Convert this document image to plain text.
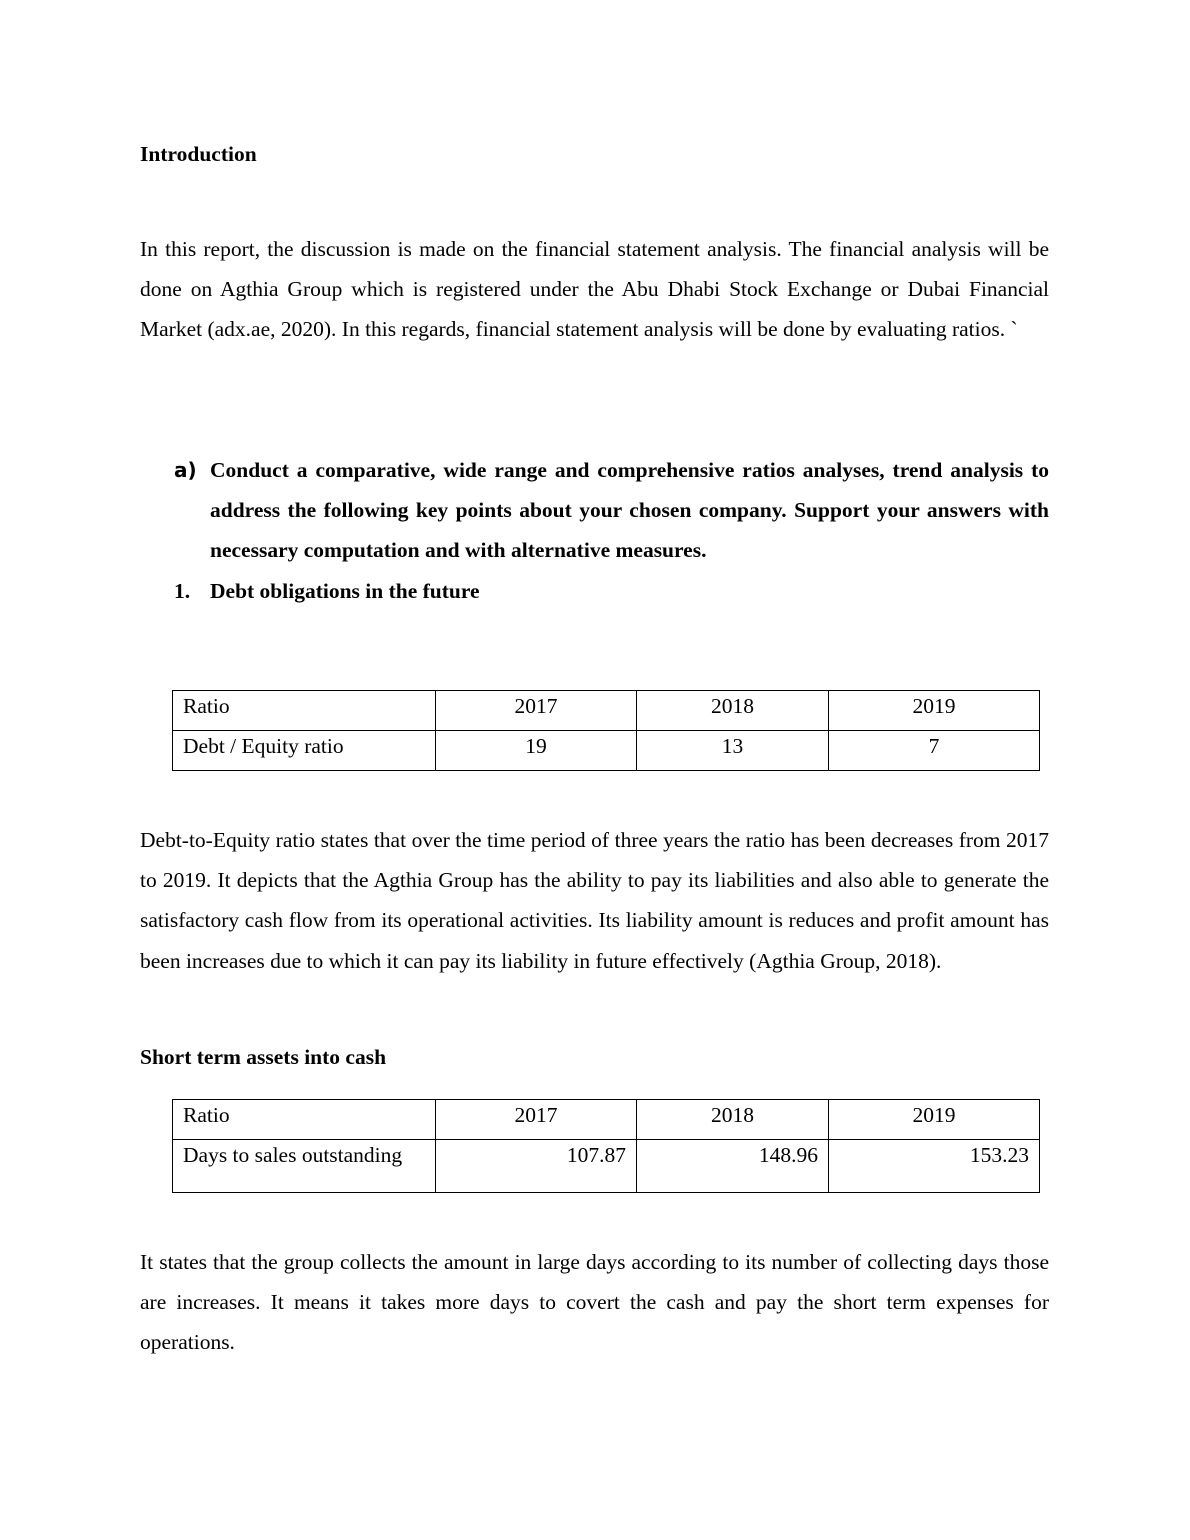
Introduction

In this report, the discussion is made on the financial statement analysis. The financial analysis will be done on Agthia Group which is registered under the Abu Dhabi Stock Exchange or Dubai Financial Market (adx.ae, 2020). In this regards, financial statement analysis will be done by evaluating ratios. `

a) Conduct a comparative, wide range and comprehensive ratios analyses, trend analysis to address the following key points about your chosen company. Support your answers with necessary computation and with alternative measures.

1. Debt obligations in the future

Ratio	2017	2018	2019
Debt / Equity ratio	19	13	7

Debt-to-Equity ratio states that over the time period of three years the ratio has been decreases from 2017 to 2019. It depicts that the Agthia Group has the ability to pay its liabilities and also able to generate the satisfactory cash flow from its operational activities. Its liability amount is reduces and profit amount has been increases due to which it can pay its liability in future effectively (Agthia Group, 2018).

Short term assets into cash
Ratio	2017	2018	2019
Days to sales outstanding	107.87	148.96	153.23

It states that the group collects the amount in large days according to its number of collecting days those are increases. It means it takes more days to covert the cash and pay the short term expenses for operations.
